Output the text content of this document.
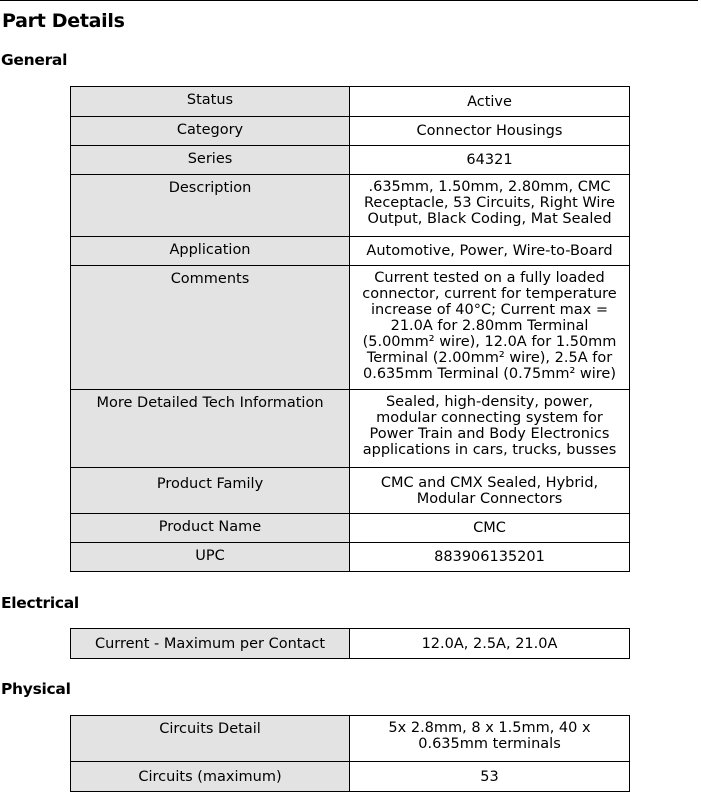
Part Details
General
Status	Active

Category	Connector Housings

Series	64321

Description	.635mm, 1.50mm, 2.80mm, CMC Receptacle, 53 Circuits, Right Wire Output, Black Coding, Mat Sealed

Application	Automotive, Power, Wire-to-Board

Comments	Current tested on a fully loaded connector, current for temperature increase of 40°C; Current max = 21.0A for 2.80mm Terminal (5.00mm² wire), 12.0A for 1.50mm Terminal (2.00mm² wire), 2.5A for 0.635mm Terminal (0.75mm² wire)

More Detailed Tech Information	Sealed, high-density, power, modular connecting system for Power Train and Body Electronics applications in cars, trucks, busses

Product Family	CMC and CMX Sealed, Hybrid, Modular Connectors

Product Name	CMC

UPC	883906135201
Electrical
Current - Maximum per Contact	12.0A, 2.5A, 21.0A
Physical
Circuits Detail	5x 2.8mm, 8 x 1.5mm, 40 x 0.635mm terminals

Circuits (maximum)	53
